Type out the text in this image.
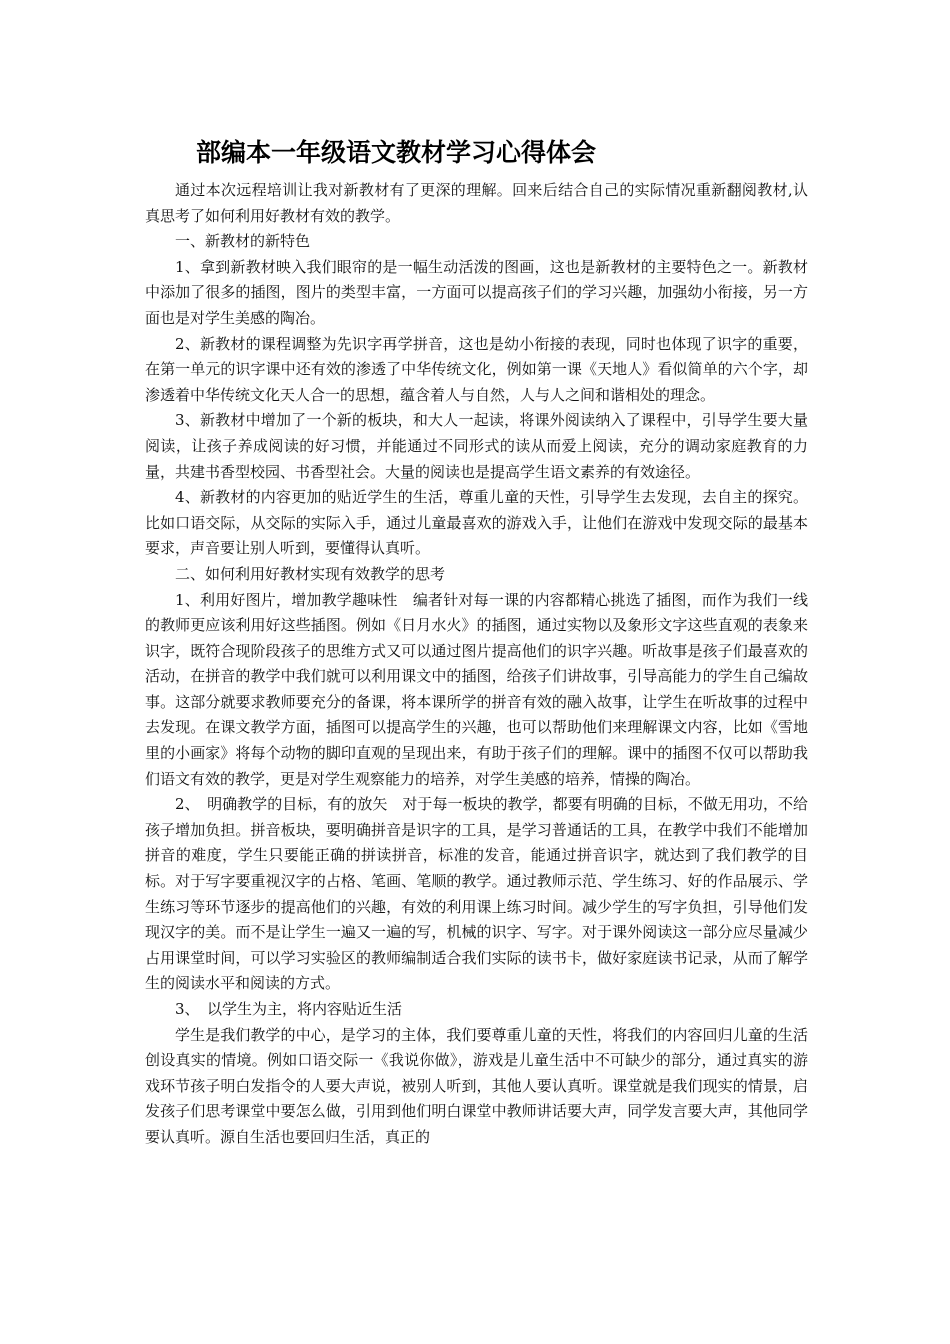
部编本一年级语文教材学习心得体会

通过本次远程培训让我对新教材有了更深的理解。回来后结合自己的实际情况重新翻阅教材,认真思考了如何利用好教材有效的教学。

一、新教材的新特色

1、拿到新教材映入我们眼帘的是一幅生动活泼的图画，这也是新教材的主要特色之一。新教材中添加了很多的插图，图片的类型丰富，一方面可以提高孩子们的学习兴趣，加强幼小衔接，另一方面也是对学生美感的陶冶。

2、新教材的课程调整为先识字再学拼音，这也是幼小衔接的表现，同时也体现了识字的重要，在第一单元的识字课中还有效的渗透了中华传统文化，例如第一课《天地人》看似简单的六个字，却渗透着中华传统文化天人合一的思想，蕴含着人与自然，人与人之间和谐相处的理念。

3、新教材中增加了一个新的板块，和大人一起读，将课外阅读纳入了课程中，引导学生要大量阅读，让孩子养成阅读的好习惯，并能通过不同形式的读从而爱上阅读，充分的调动家庭教育的力量，共建书香型校园、书香型社会。大量的阅读也是提高学生语文素养的有效途径。

4、新教材的内容更加的贴近学生的生活，尊重儿童的天性，引导学生去发现，去自主的探究。比如口语交际，从交际的实际入手，通过儿童最喜欢的游戏入手，让他们在游戏中发现交际的最基本要求，声音要让别人听到，要懂得认真听。

二、如何利用好教材实现有效教学的思考

1、利用好图片，增加教学趣味性　编者针对每一课的内容都精心挑选了插图，而作为我们一线的教师更应该利用好这些插图。例如《日月水火》的插图，通过实物以及象形文字这些直观的表象来识字，既符合现阶段孩子的思维方式又可以通过图片提高他们的识字兴趣。听故事是孩子们最喜欢的活动，在拼音的教学中我们就可以利用课文中的插图，给孩子们讲故事，引导高能力的学生自己编故事。这部分就要求教师要充分的备课，将本课所学的拼音有效的融入故事，让学生在听故事的过程中去发现。在课文教学方面，插图可以提高学生的兴趣，也可以帮助他们来理解课文内容，比如《雪地里的小画家》将每个动物的脚印直观的呈现出来，有助于孩子们的理解。课中的插图不仅可以帮助我们语文有效的教学，更是对学生观察能力的培养，对学生美感的培养，情操的陶冶。

2、　明确教学的目标，有的放矢　对于每一板块的教学，都要有明确的目标，不做无用功，不给孩子增加负担。拼音板块，要明确拼音是识字的工具，是学习普通话的工具，在教学中我们不能增加拼音的难度，学生只要能正确的拼读拼音，标准的发音，能通过拼音识字，就达到了我们教学的目标。对于写字要重视汉字的占格、笔画、笔顺的教学。通过教师示范、学生练习、好的作品展示、学生练习等环节逐步的提高他们的兴趣，有效的利用课上练习时间。减少学生的写字负担，引导他们发现汉字的美。而不是让学生一遍又一遍的写，机械的识字、写字。对于课外阅读这一部分应尽量减少占用课堂时间，可以学习实验区的教师编制适合我们实际的读书卡，做好家庭读书记录，从而了解学生的阅读水平和阅读的方式。

3、　以学生为主，将内容贴近生活

学生是我们教学的中心，是学习的主体，我们要尊重儿童的天性，将我们的内容回归儿童的生活创设真实的情境。例如口语交际一《我说你做》，游戏是儿童生活中不可缺少的部分，通过真实的游戏环节孩子明白发指令的人要大声说，被别人听到，其他人要认真听。课堂就是我们现实的情景，启发孩子们思考课堂中要怎么做，引用到他们明白课堂中教师讲话要大声，同学发言要大声，其他同学要认真听。源自生活也要回归生活，真正的
